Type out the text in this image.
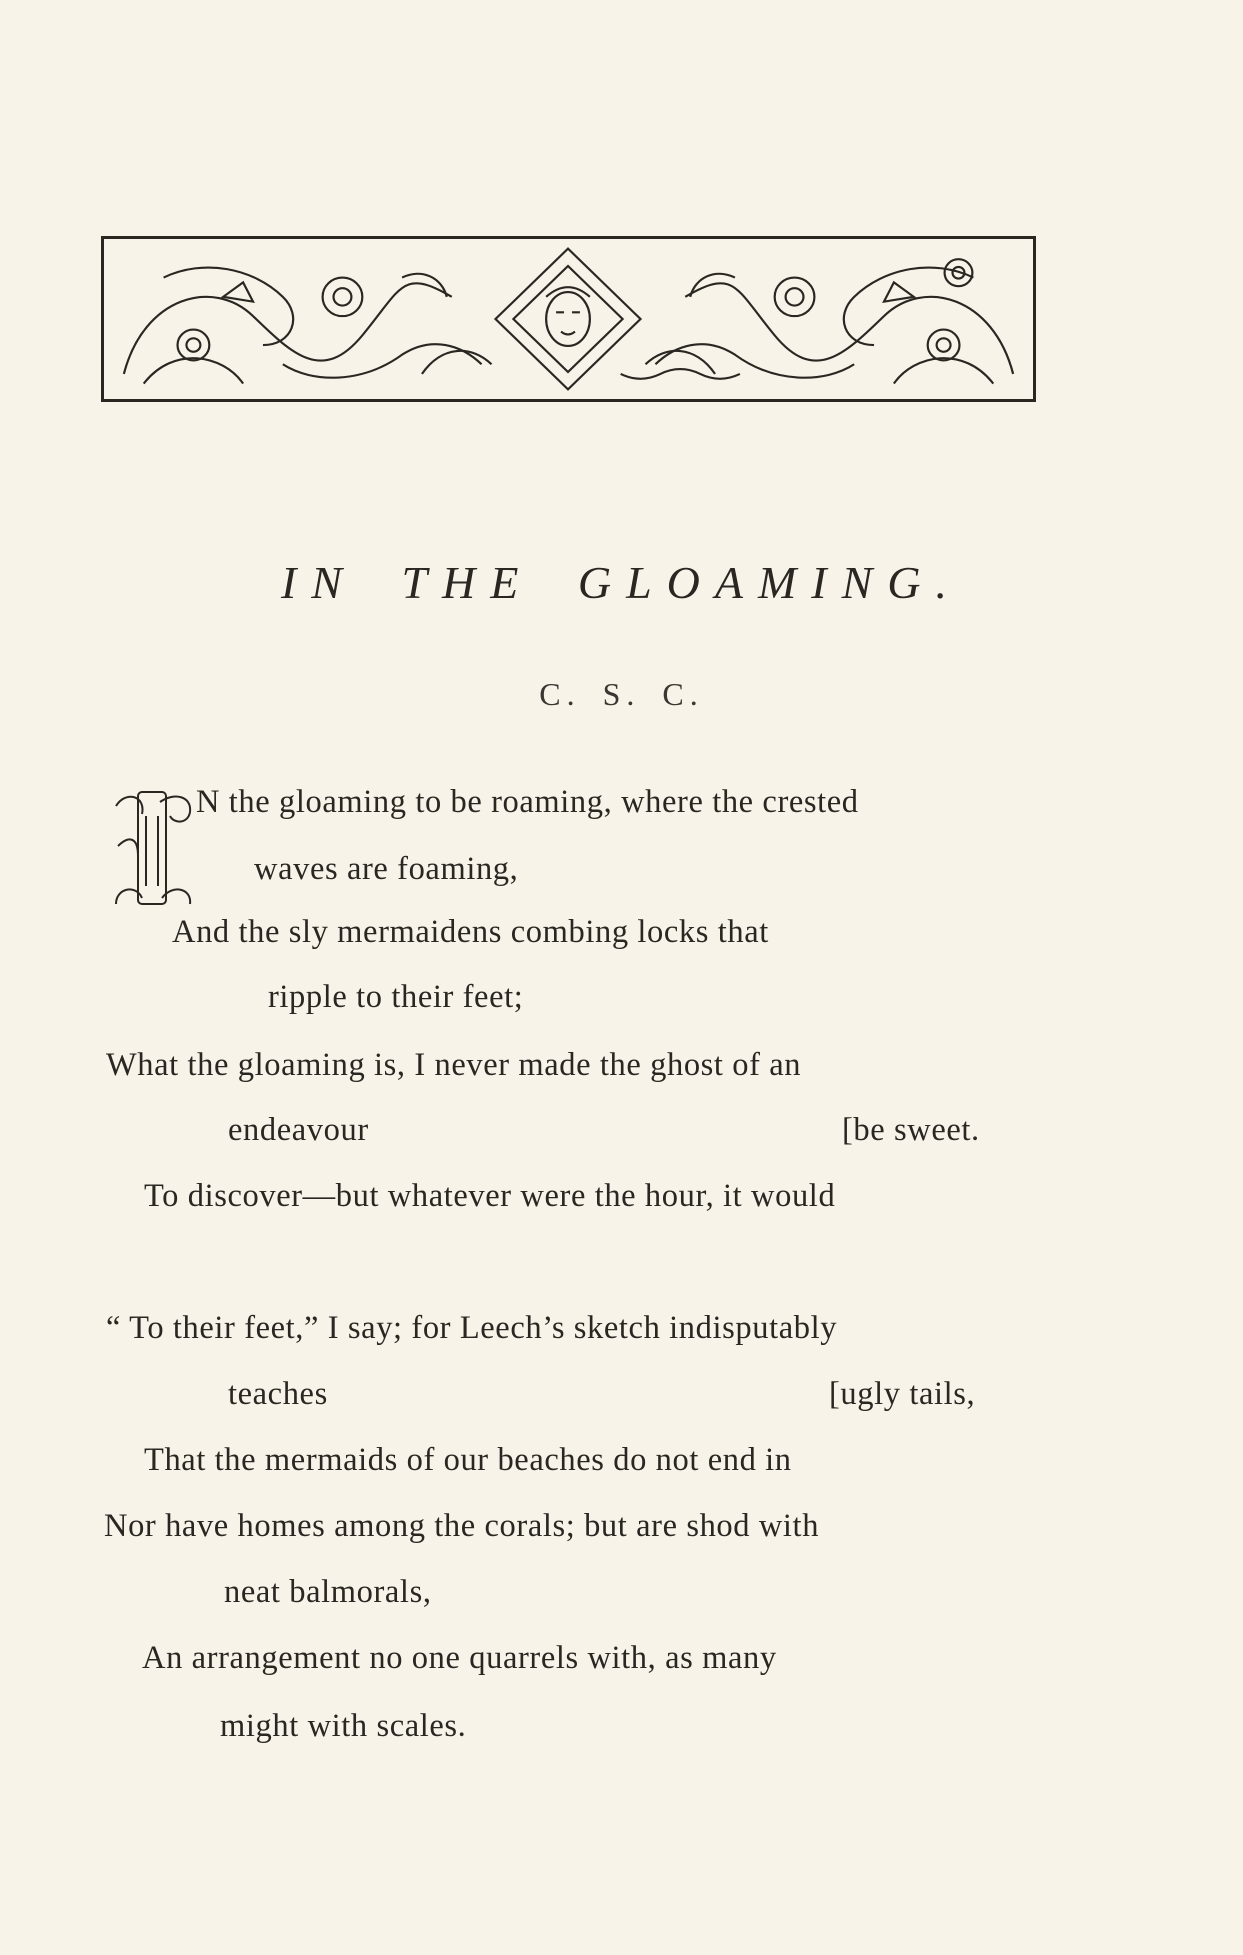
IN THE GLOAMING.
C. S. C.
N the gloaming to be roaming, where the crested
waves are foaming,
And the sly mermaidens combing locks that
ripple to their feet;
What the gloaming is, I never made the ghost of an
endeavour	[be sweet.
To discover—but whatever were the hour, it would
“ To their feet,” I say; for Leech’s sketch indisputably
teaches	[ugly tails,
That the mermaids of our beaches do not end in
Nor have homes among the corals; but are shod with
neat balmorals,
An arrangement no one quarrels with, as many
might with scales.
